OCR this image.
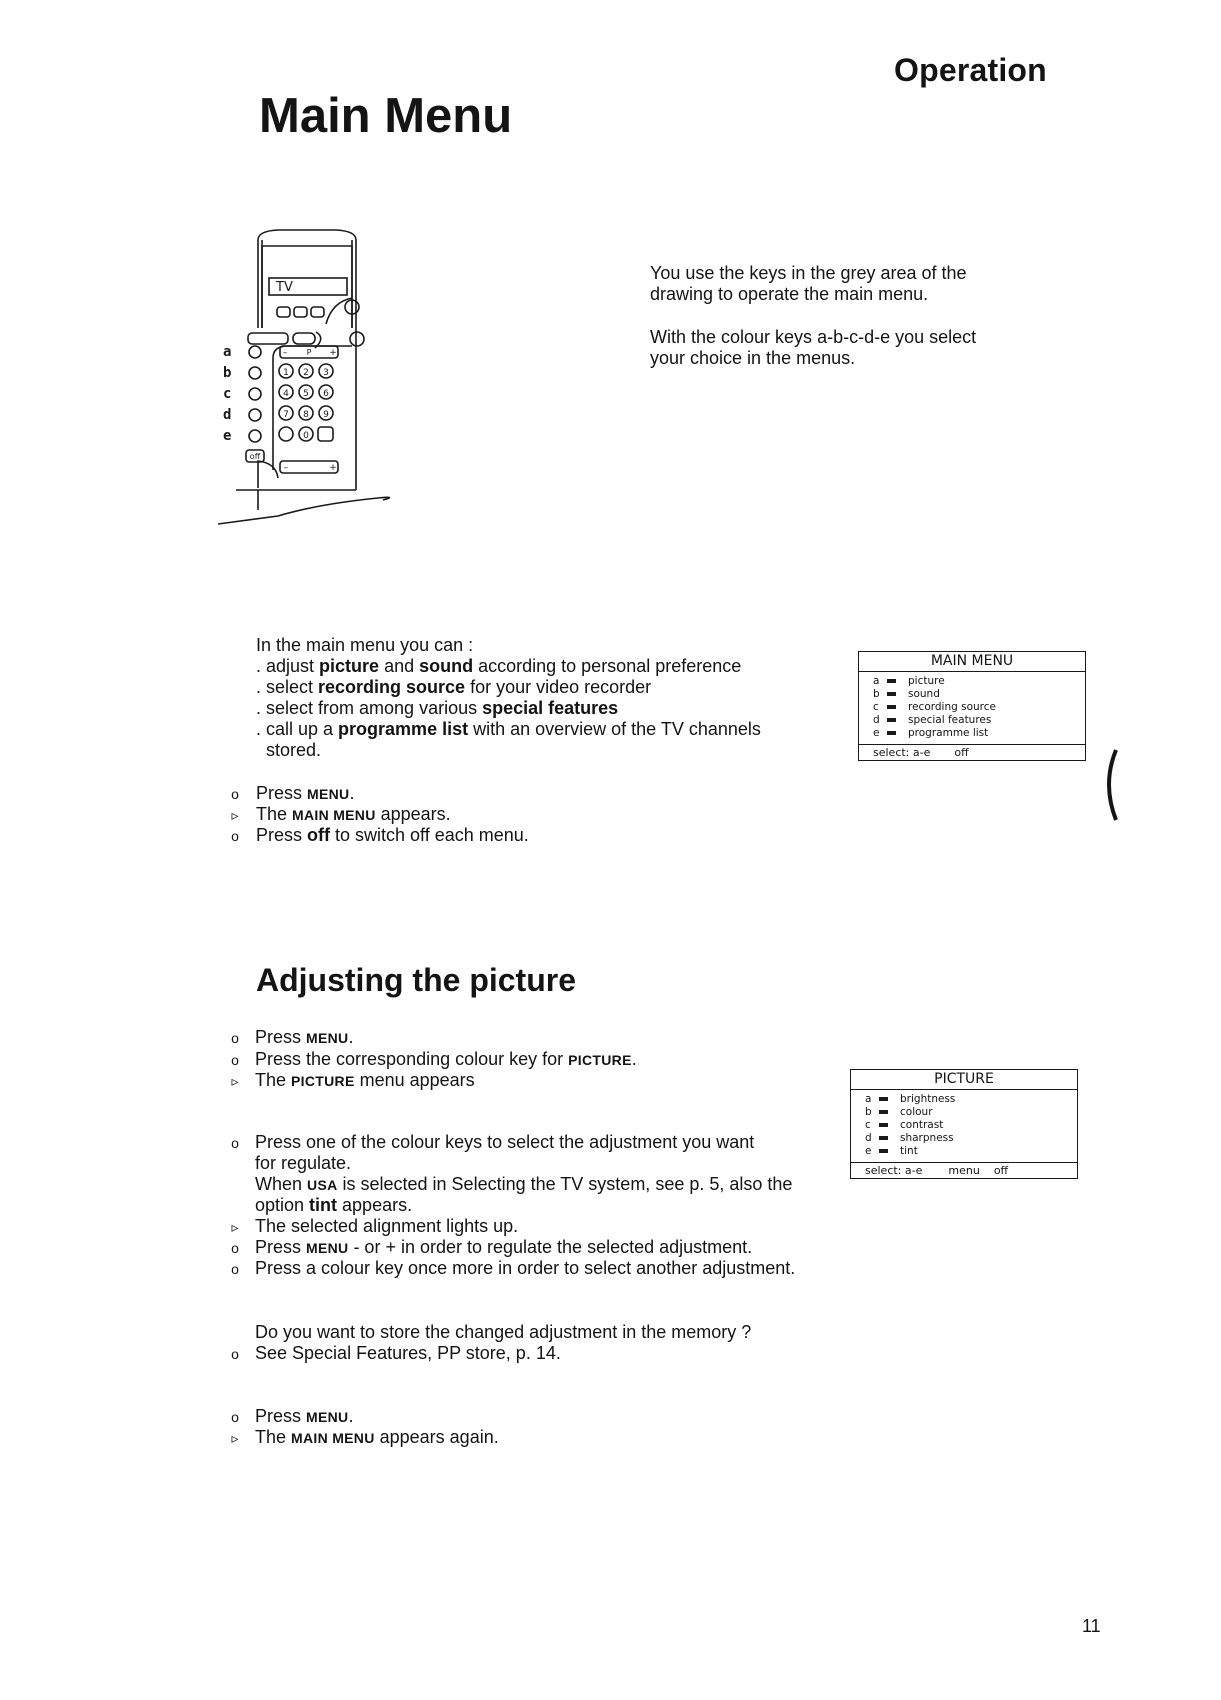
Operation
Main Menu
TV
P
–	+
1 2 3
4 5 6
7 8 9
0
off
–	+
a
b
c
d
e
You use the keys in the grey area of the
drawing to operate the main menu.
With the colour keys a-b-c-d-e you select
your choice in the menus.
In the main menu you can :
. adjust picture and sound according to personal preference
. select recording source for your video recorder
. select from among various special features
. call up a programme list with an overview of the TV channels
stored.
o Press MENU.
▹ The MAIN MENU appears.
o Press off to switch off each menu.
MAIN MENU
a	picture
b	sound
c	recording source
d	special features
e	programme list
select: a-e off
Adjusting the picture
o Press MENU.
o Press the corresponding colour key for PICTURE.
▹ The PICTURE menu appears
o Press one of the colour keys to select the adjustment you want
for regulate.
When USA is selected in Selecting the TV system, see p. 5, also the
option tint appears.
▹ The selected alignment lights up.
o Press MENU - or + in order to regulate the selected adjustment.
o Press a colour key once more in order to select another adjustment.
Do you want to store the changed adjustment in the memory ?
o See Special Features, PP store, p. 14.
o Press MENU.
▹ The MAIN MENU appears again.
PICTURE
a	brightness
b	colour
c	contrast
d	sharpness
e	tint
select: a-e menu off
11
